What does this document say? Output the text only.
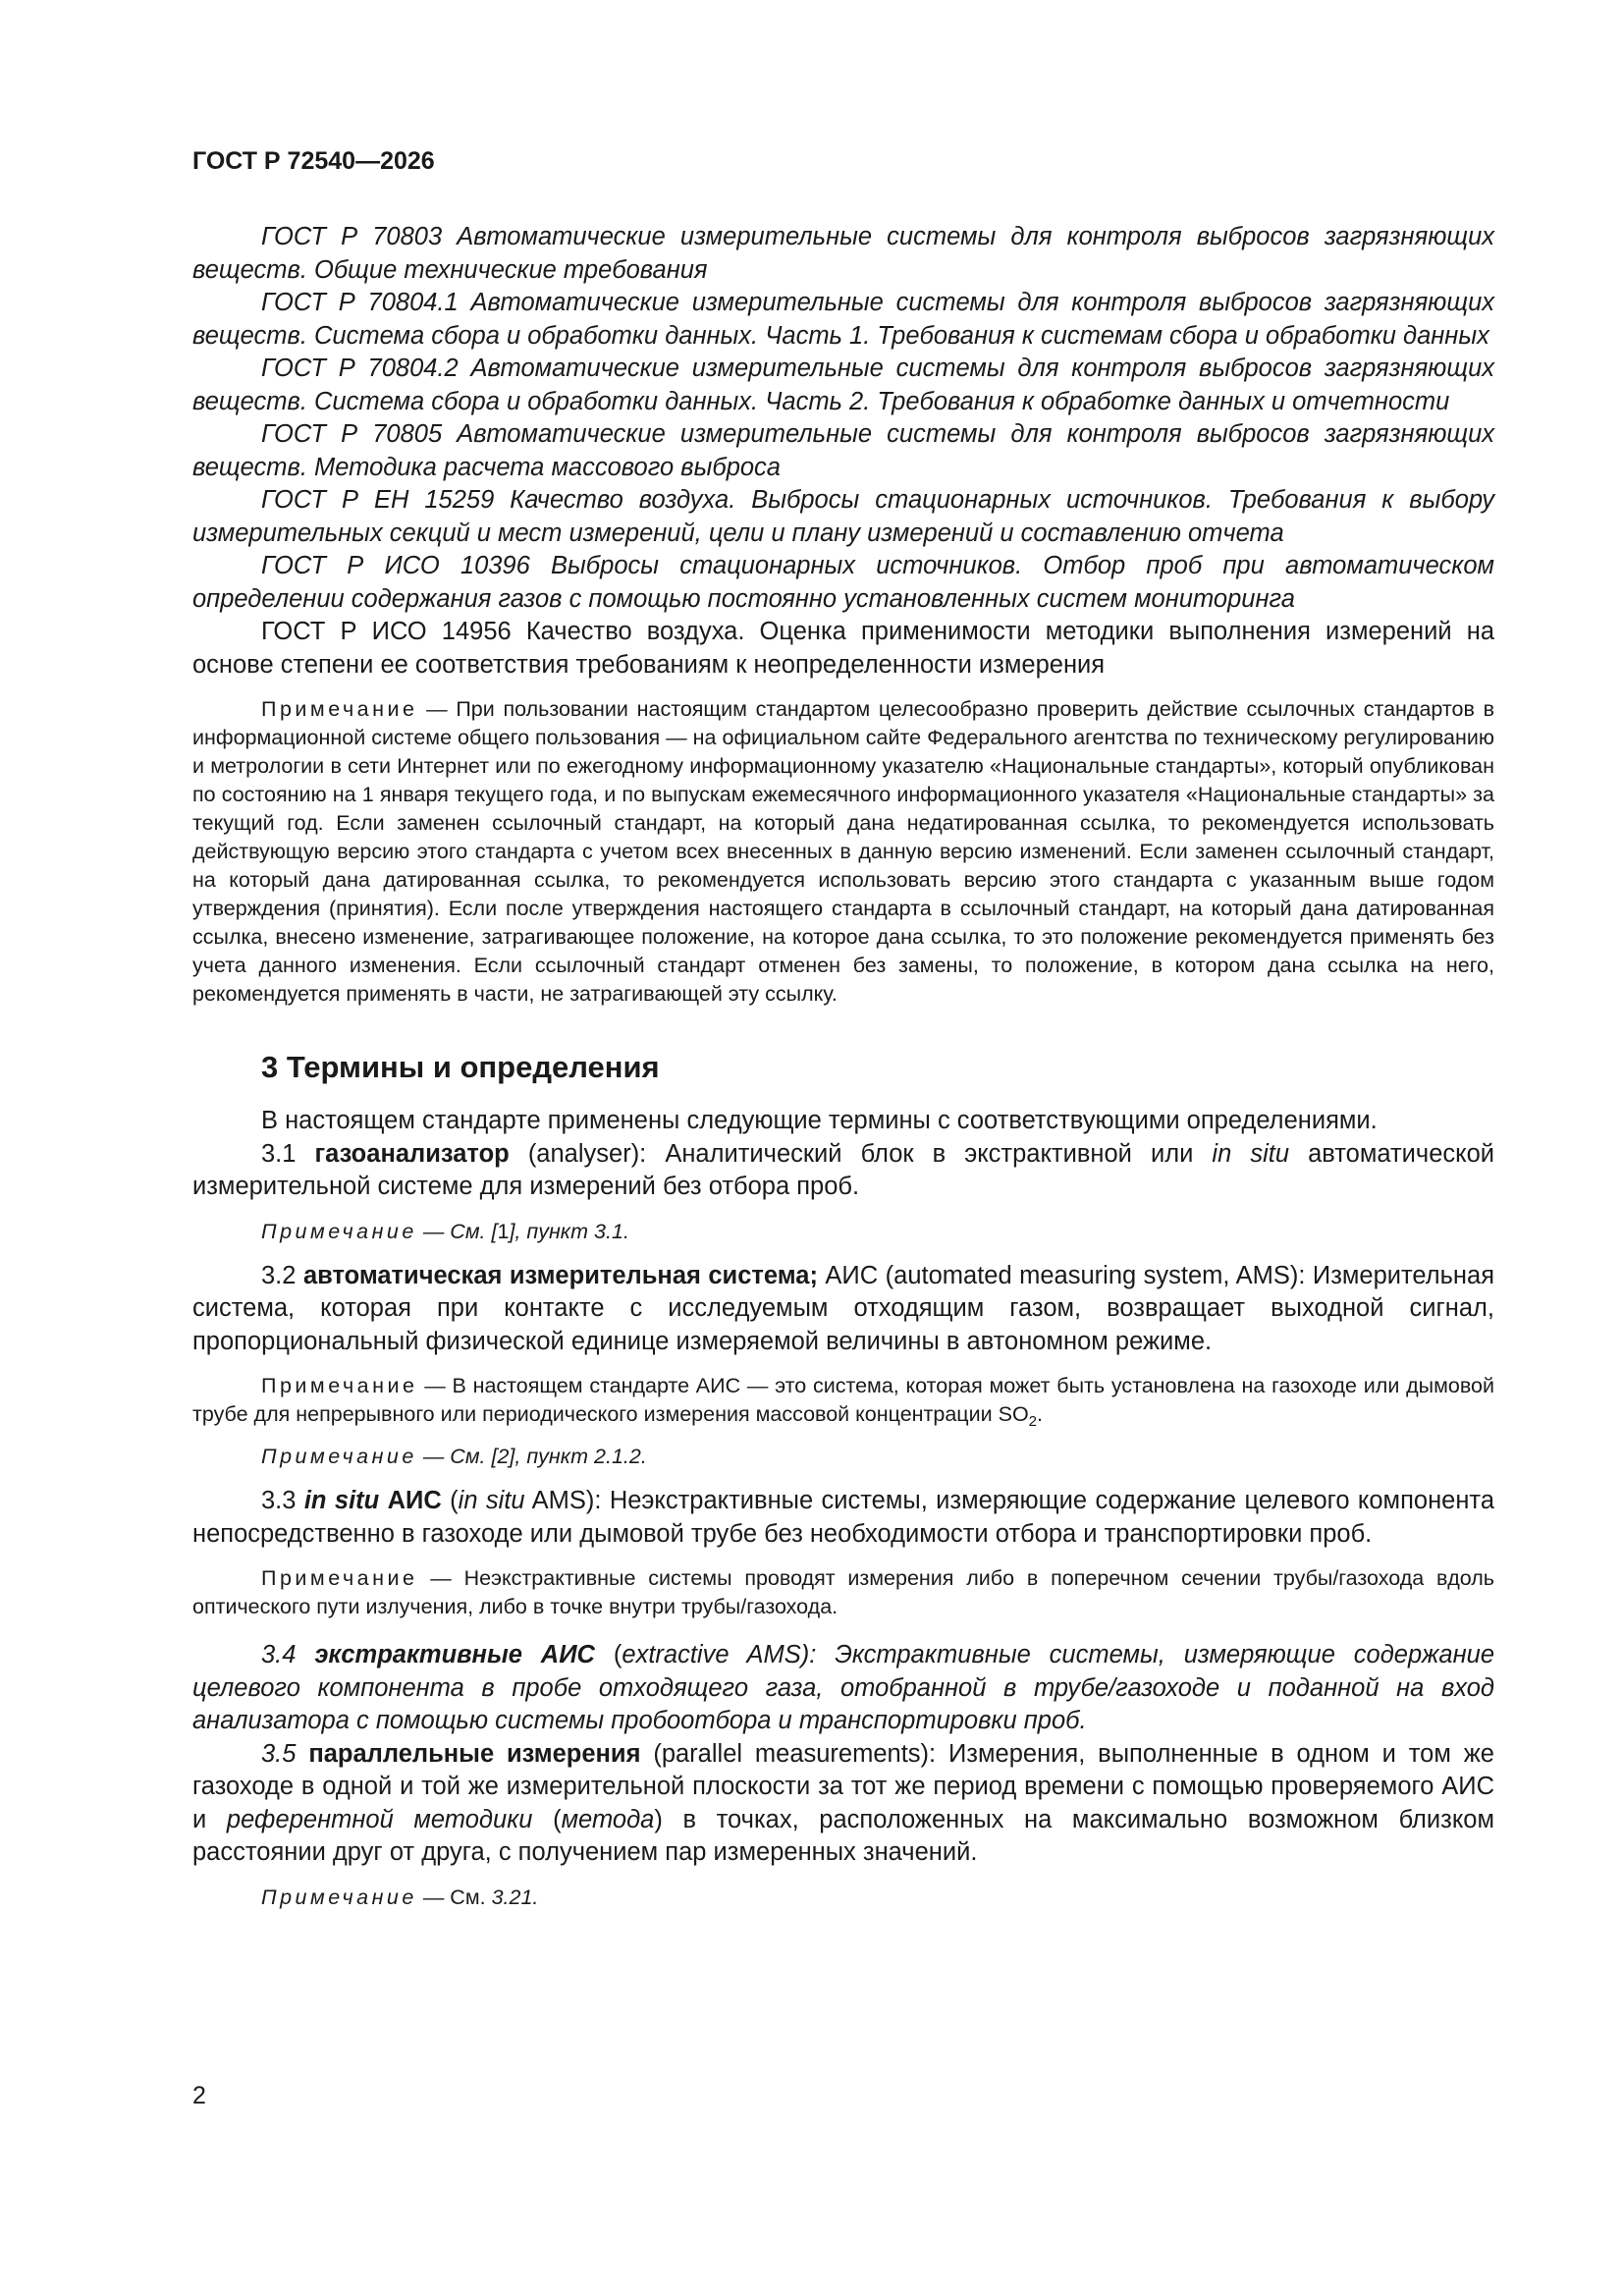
ГОСТ Р 72540—2026

ГОСТ Р 70803 Автоматические измерительные системы для контроля выбросов загрязняющих веществ. Общие технические требования

ГОСТ Р 70804.1 Автоматические измерительные системы для контроля выбросов загрязняющих веществ. Система сбора и обработки данных. Часть 1. Требования к системам сбора и обработки данных

ГОСТ Р 70804.2 Автоматические измерительные системы для контроля выбросов загрязняющих веществ. Система сбора и обработки данных. Часть 2. Требования к обработке данных и отчетности

ГОСТ Р 70805 Автоматические измерительные системы для контроля выбросов загрязняющих веществ. Методика расчета массового выброса

ГОСТ Р ЕН 15259 Качество воздуха. Выбросы стационарных источников. Требования к выбору измерительных секций и мест измерений, цели и плану измерений и составлению отчета

ГОСТ Р ИСО 10396 Выбросы стационарных источников. Отбор проб при автоматическом определении содержания газов с помощью постоянно установленных систем мониторинга

ГОСТ Р ИСО 14956 Качество воздуха. Оценка применимости методики выполнения измерений на основе степени ее соответствия требованиям к неопределенности измерения

Примечание — При пользовании настоящим стандартом целесообразно проверить действие ссылочных стандартов в информационной системе общего пользования — на официальном сайте Федерального агентства по техническому регулированию и метрологии в сети Интернет или по ежегодному информационному указателю «Национальные стандарты», который опубликован по состоянию на 1 января текущего года, и по выпускам ежемесячного информационного указателя «Национальные стандарты» за текущий год. Если заменен ссылочный стандарт, на который дана недатированная ссылка, то рекомендуется использовать действующую версию этого стандарта с учетом всех внесенных в данную версию изменений. Если заменен ссылочный стандарт, на который дана датированная ссылка, то рекомендуется использовать версию этого стандарта с указанным выше годом утверждения (принятия). Если после утверждения настоящего стандарта в ссылочный стандарт, на который дана датированная ссылка, внесено изменение, затрагивающее положение, на которое дана ссылка, то это положение рекомендуется применять без учета данного изменения. Если ссылочный стандарт отменен без замены, то положение, в котором дана ссылка на него, рекомендуется применять в части, не затрагивающей эту ссылку.

3 Термины и определения

В настоящем стандарте применены следующие термины с соответствующими определениями.

3.1 газоанализатор (analyser): Аналитический блок в экстрактивной или in situ автоматической измерительной системе для измерений без отбора проб.

Примечание — См. [1], пункт 3.1.

3.2 автоматическая измерительная система; АИС (automated measuring system, AMS): Измерительная система, которая при контакте с исследуемым отходящим газом, возвращает выходной сигнал, пропорциональный физической единице измеряемой величины в автономном режиме.

Примечание — В настоящем стандарте АИС — это система, которая может быть установлена на газоходе или дымовой трубе для непрерывного или периодического измерения массовой концентрации $SO_2$.

Примечание — См. [2], пункт 2.1.2.

3.3 in situ АИС (in situ AMS): Неэкстрактивные системы, измеряющие содержание целевого компонента непосредственно в газоходе или дымовой трубе без необходимости отбора и транспортировки проб.

Примечание — Неэкстрактивные системы проводят измерения либо в поперечном сечении трубы/газохода вдоль оптического пути излучения, либо в точке внутри трубы/газохода.

3.4 экстрактивные АИС (extractive AMS): Экстрактивные системы, измеряющие содержание целевого компонента в пробе отходящего газа, отобранной в трубе/газоходе и поданной на вход анализатора с помощью системы пробоотбора и транспортировки проб.

3.5 параллельные измерения (parallel measurements): Измерения, выполненные в одном и том же газоходе в одной и той же измерительной плоскости за тот же период времени с помощью проверяемого АИС и референтной методики (метода) в точках, расположенных на максимально возможном близком расстоянии друг от друга, с получением пар измеренных значений.

Примечание — См. 3.21.

2
